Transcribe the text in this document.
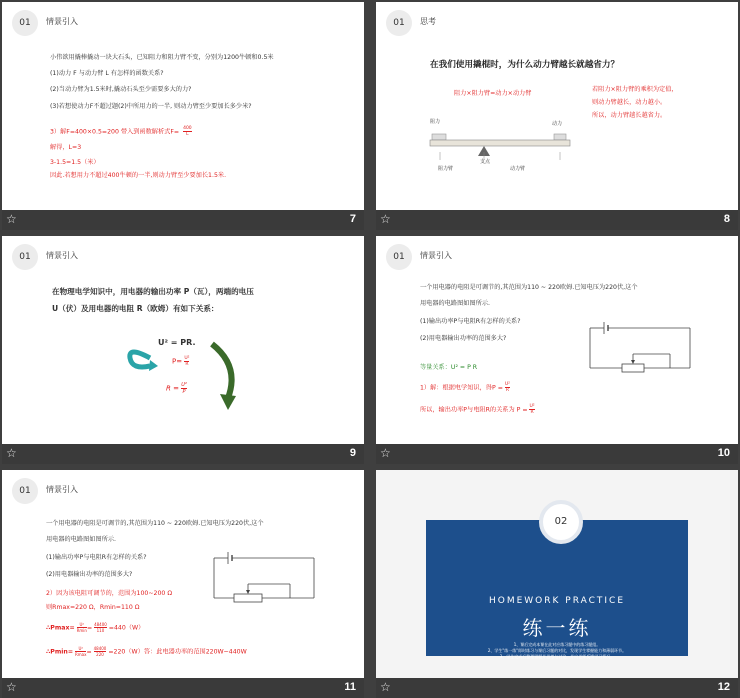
01	情景引入
小伟欲用撬棒撬动一块大石头，已知阻力和阻力臂不变，分别为1200牛顿和0.5米
(1)动力 F 与动力臂 L 有怎样的函数关系?
(2)当动力臂为1.5米时,撬动石头至少需要多大的力?
(3)若想使动力F不超过题(2)中所用力的一半, 则动力臂至少要加长多少米?
3）解F=400×0.5=200 带入到函数解析式$F= \frac{400}{L}$
解得，L=3
3-1.5=1.5（米）
因此.若想用力不超过400牛顿的一半,则动力臂至少要加长1.5米.
☆	7
01	思考
在我们使用撬棍时，为什么动力臂越长就越省力？
阻力×阻力臂=动力×动力臂
若阻力×阻力臂的乘积为定值，
则动力臂越长，动力越小。
所以，动力臂越长越省力。
阻力	动力
支点
阻力臂	动力臂
☆	8
01	情景引入
在物理电学知识中，用电器的输出功率 P（瓦），两端的电压
U（伏）及用电器的电阻 R（欧姆）有如下关系：
U² = PR.
$P= \frac{\text{U²}}{R}$
$R = \frac{\text{U²}}{P}$
☆	9
01	情景引入
一个用电器的电阻是可调节的,其范围为110 ~ 220欧姆.已知电压为220伏,这个
用电器的电路图如图所示.
(1)输出功率P与电阻R有怎样的关系?
(2)用电器输出功率的范围多大?
等量关系：U² = P R
1）解：根据电学知识，得$P = \frac{\text{U²}}{R}$
所以，输出功率P与电阻R的关系为 $P = \frac{\text{U²}}{R}$
☆	10
01	情景引入
一个用电器的电阻是可调节的,其范围为110 ~ 220欧姆.已知电压为220伏,这个
用电器的电路图如图所示.
(1)输出功率P与电阻R有怎样的关系?
(2)用电器输出功率的范围多大?
2）因为该电阻可调节的，范围为100~200 Ω
则Rmax=220 Ω，Rmin=110 Ω
∴Pmax=	U²
$Rmin = \frac{48400}{110} =440(W)$
∴Pmin=	U²
$Rmax = \frac{48400}{220} =220(W)$答：此电器功率的范围220W~440W
☆	11
HOMEWORK PRACTICE
练一练
1、课后完成本课在此对应练习题中的练习题组。
2、学生"练一练"即时练习与课后习题的对比，发现学生掌握能力和薄弱环节。
3、学生完成后整理错题并思考与讨论，并向老师反馈学习情况。
02
☆	12
